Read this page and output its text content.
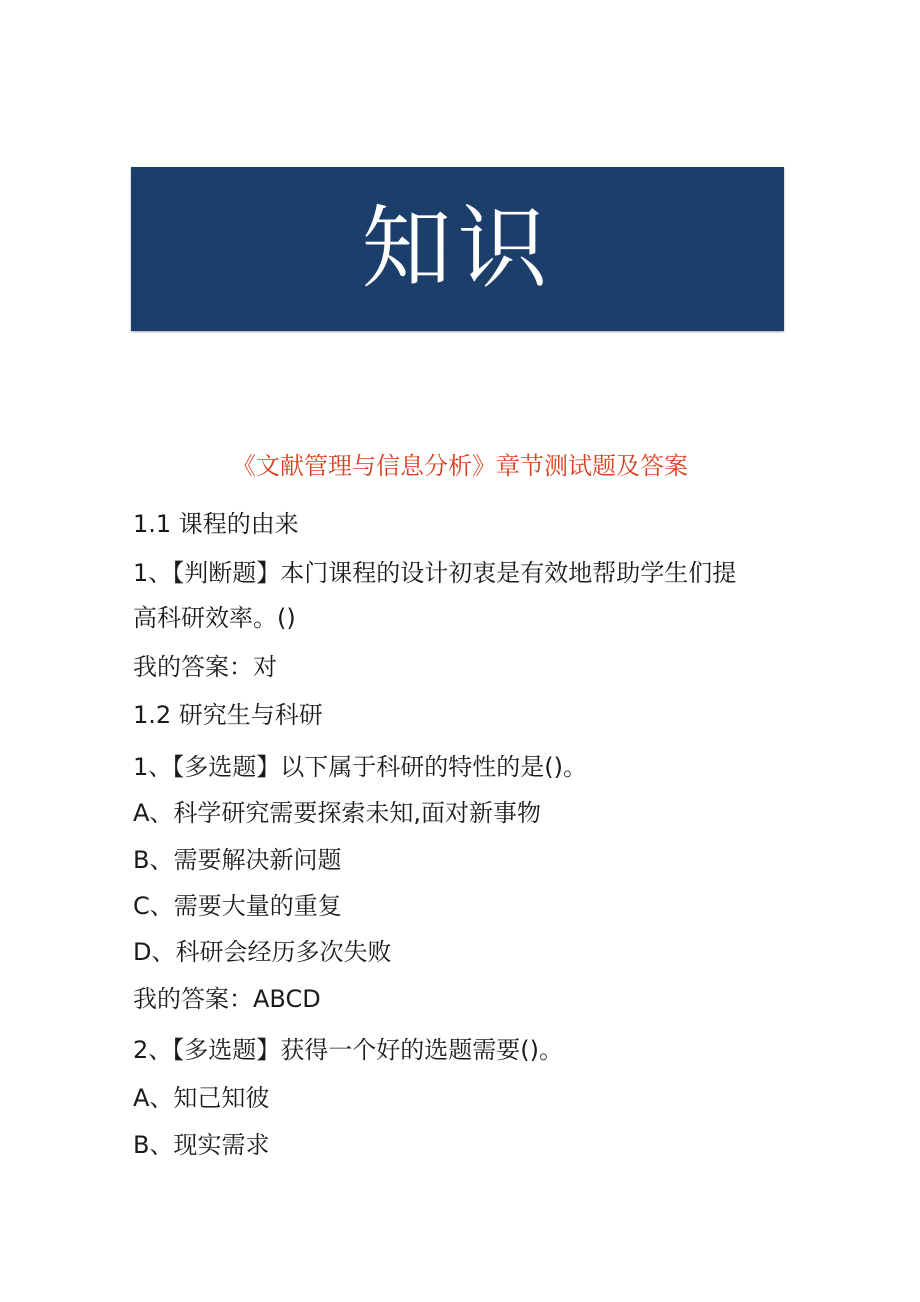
知识
《文献管理与信息分析》章节测试题及答案
1.1 课程的由来
1、【判断题】本门课程的设计初衷是有效地帮助学生们提
高科研效率。()
我的答案：对
1.2 研究生与科研
1、【多选题】以下属于科研的特性的是()。
A、科学研究需要探索未知,面对新事物
B、需要解决新问题
C、需要大量的重复
D、科研会经历多次失败
我的答案：ABCD
2、【多选题】获得一个好的选题需要()。
A、知己知彼
B、现实需求
